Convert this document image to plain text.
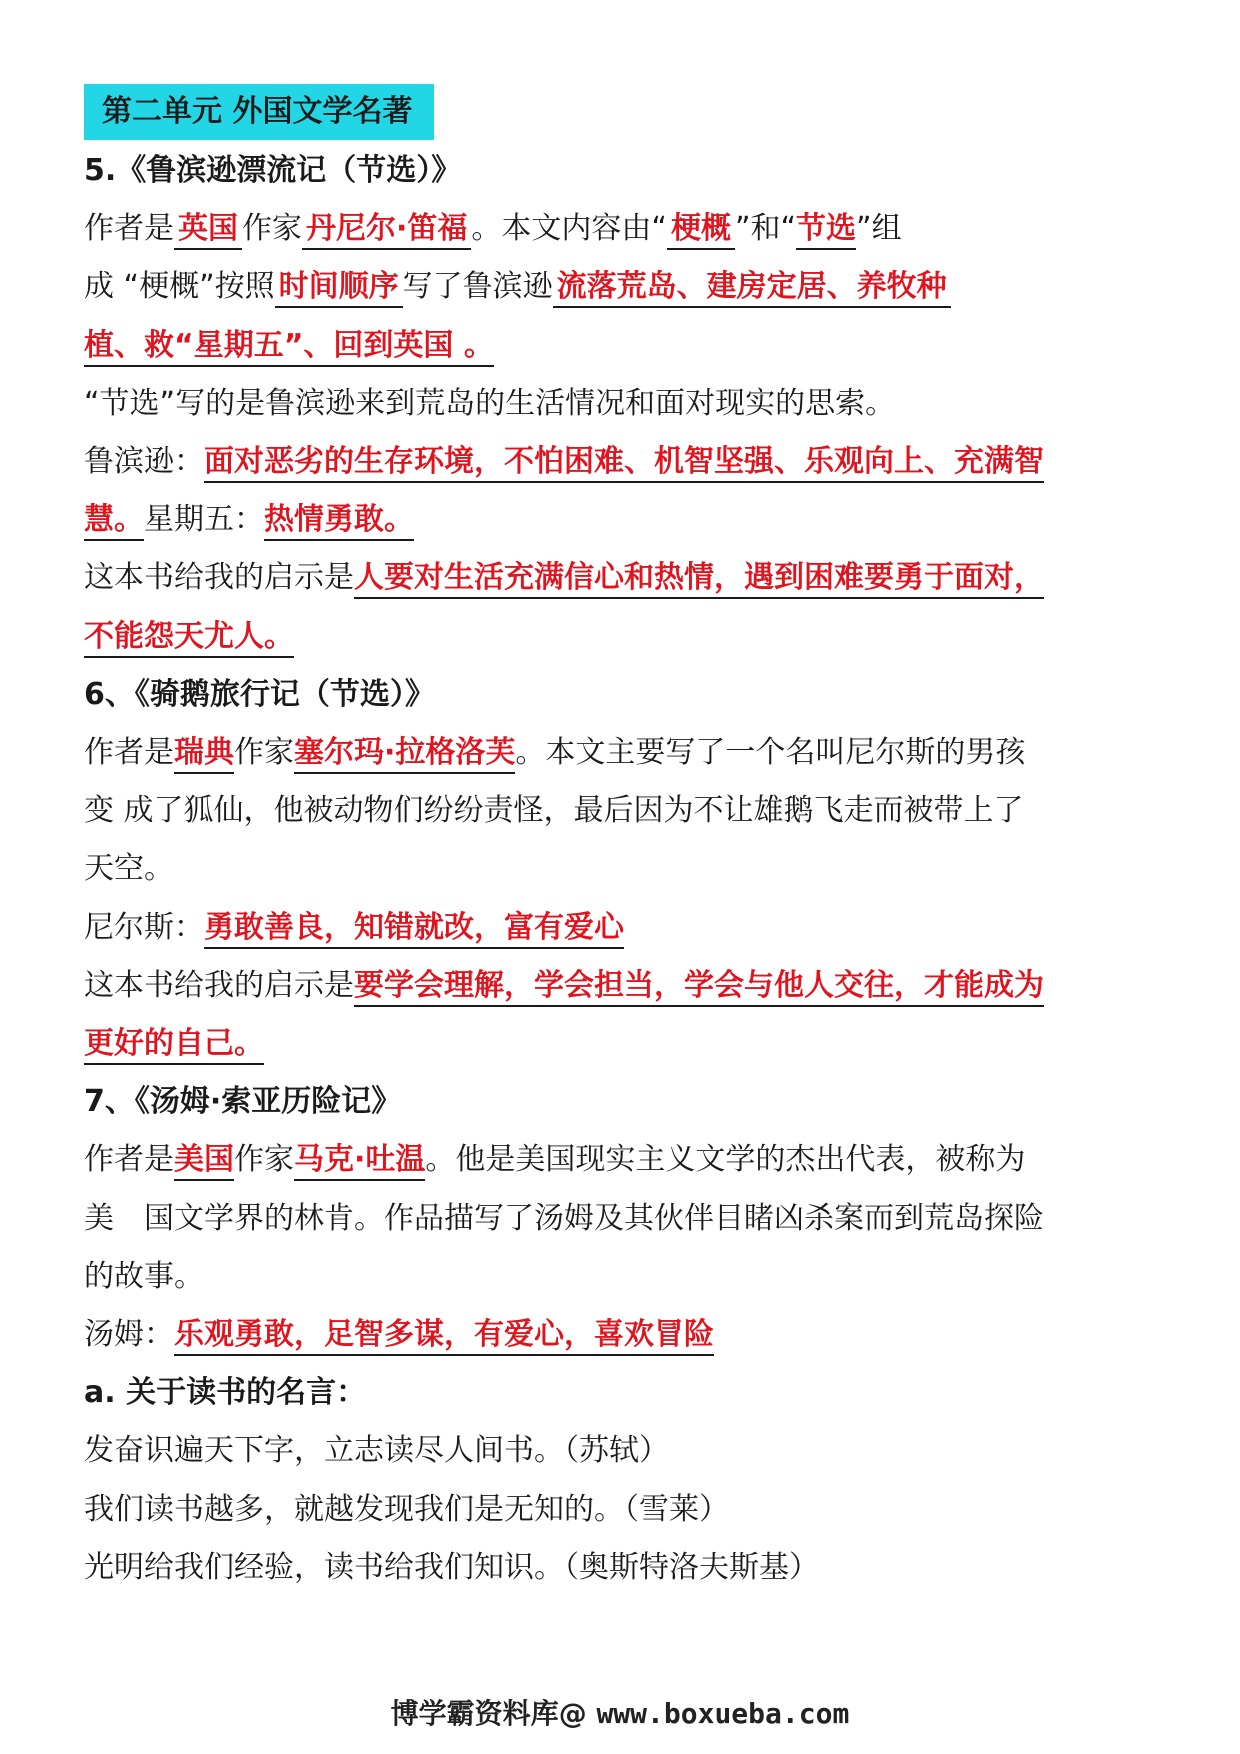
第二单元 外国文学名著
5.《鲁滨逊漂流记（节选）》
作者是 英国 作家 丹尼尔·笛福 。本文内容由“ 梗概 ”和“节选”组
成 “梗概”按照 时间顺序 写了鲁滨逊 流落荒岛、建房定居、养牧种
植、救“星期五”、回到英国 。
“节选”写的是鲁滨逊来到荒岛的生活情况和面对现实的思索。
鲁滨逊：面对恶劣的生存环境，不怕困难、机智坚强、乐观向上、充满智
慧。星期五：热情勇敢。
这本书给我的启示是人要对生活充满信心和热情，遇到困难要勇于面对，
不能怨天尤人。
6、《骑鹅旅行记（节选）》
作者是瑞典作家塞尔玛·拉格洛芙。本文主要写了一个名叫尼尔斯的男孩
变 成了狐仙，他被动物们纷纷责怪，最后因为不让雄鹅飞走而被带上了
天空。
尼尔斯：勇敢善良，知错就改，富有爱心
这本书给我的启示是要学会理解，学会担当，学会与他人交往，才能成为
更好的自己。
7、《汤姆·索亚历险记》
作者是美国作家马克·吐温。他是美国现实主义文学的杰出代表，被称为
美 国文学界的林肯。作品描写了汤姆及其伙伴目睹凶杀案而到荒岛探险
的故事。
汤姆：乐观勇敢，足智多谋，有爱心，喜欢冒险
a. 关于读书的名言：
发奋识遍天下字，立志读尽人间书。（苏轼）
我们读书越多，就越发现我们是无知的。（雪莱）
光明给我们经验，读书给我们知识。（奥斯特洛夫斯基）
博学霸资料库@ www.boxueba.com
